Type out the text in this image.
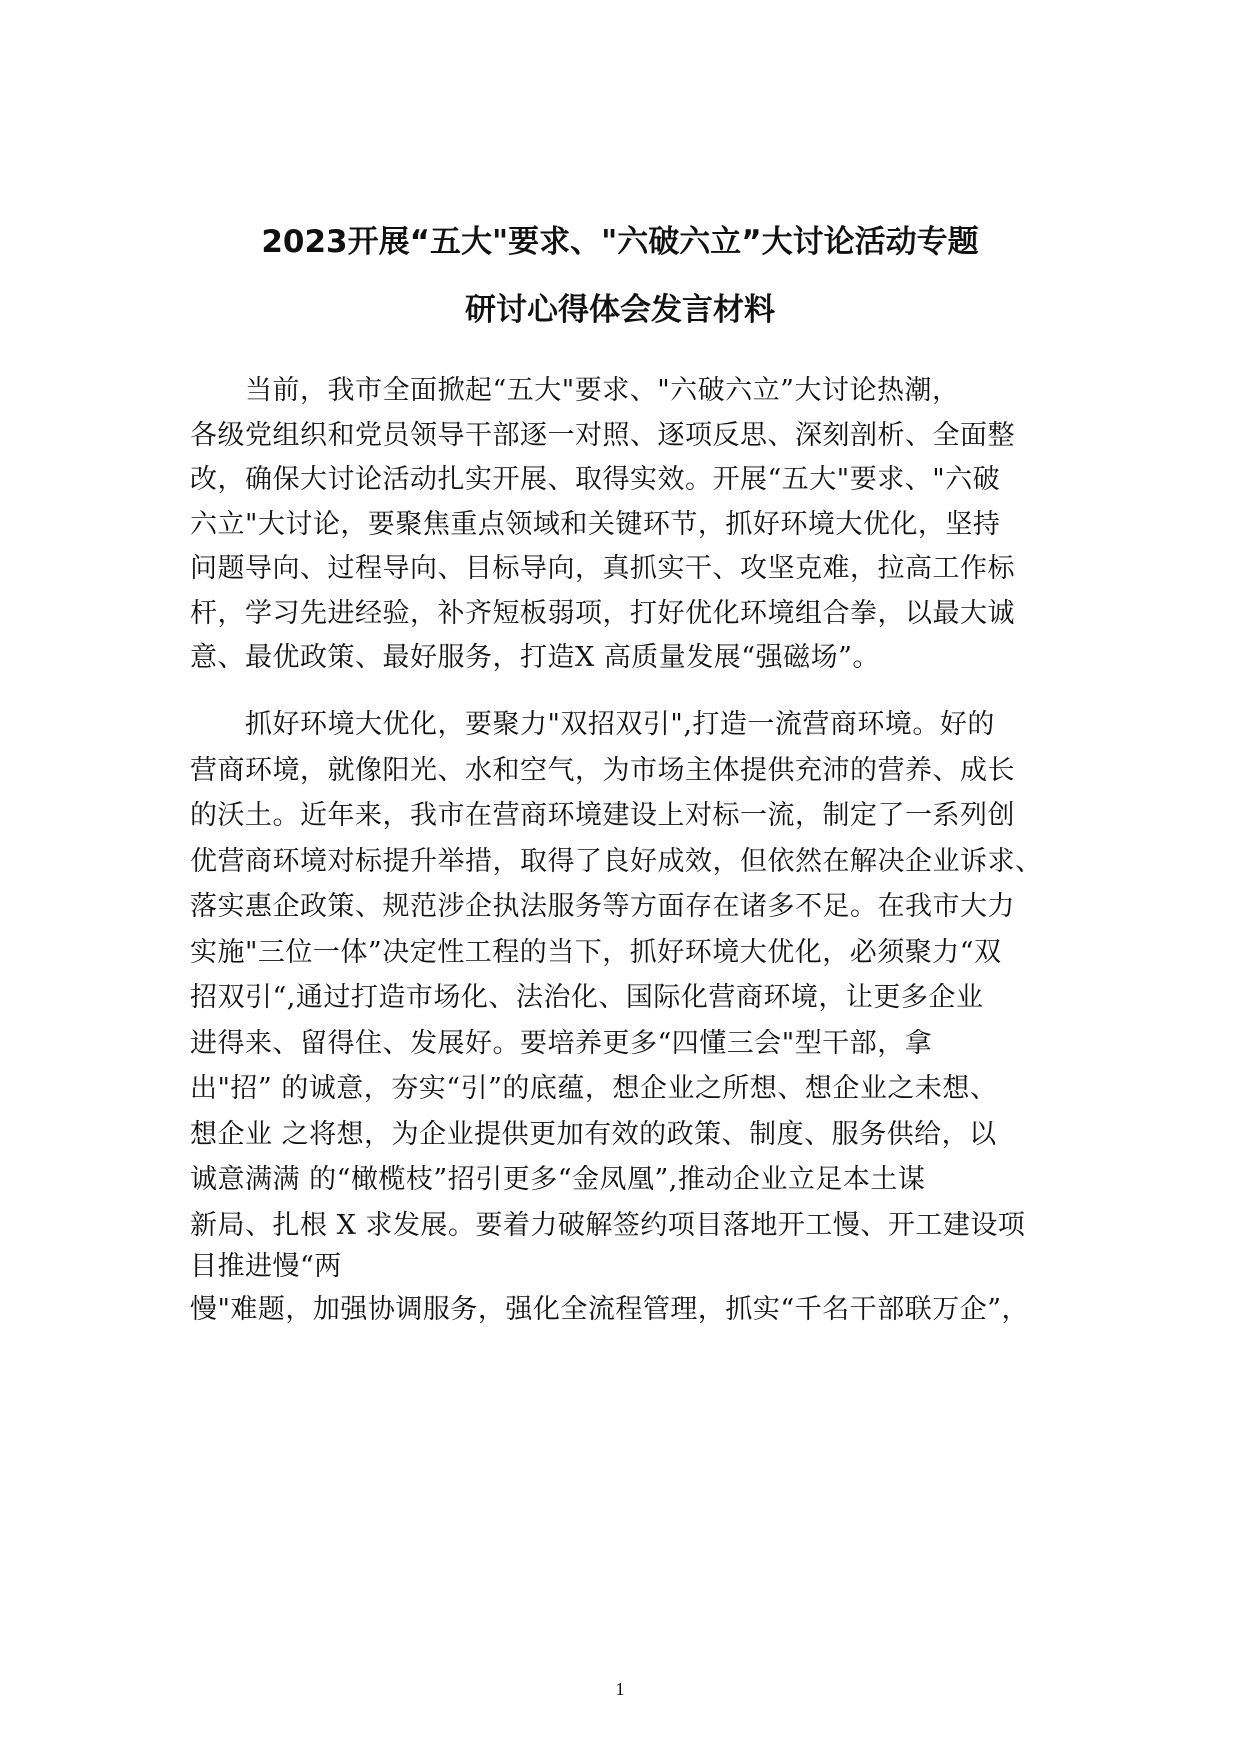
2023开展“五大"要求、"六破六立”大讨论活动专题
研讨心得体会发言材料

当前，我市全面掀起“五大"要求、"六破六立”大讨论热潮，

各级党组织和党员领导干部逐一对照、逐项反思、深刻剖析、全面整

改，确保大讨论活动扎实开展、取得实效。开展“五大"要求、"六破

六立"大讨论，要聚焦重点领域和关键环节，抓好环境大优化，坚持

问题导向、过程导向、目标导向，真抓实干、攻坚克难，拉高工作标

杆，学习先进经验，补齐短板弱项，打好优化环境组合拳，以最大诚

意、最优政策、最好服务，打造X 高质量发展“强磁场”。

抓好环境大优化，要聚力"双招双引",打造一流营商环境。好的

营商环境，就像阳光、水和空气，为市场主体提供充沛的营养、成长

的沃土。近年来，我市在营商环境建设上对标一流，制定了一系列创

优营商环境对标提升举措，取得了良好成效，但依然在解决企业诉求、

落实惠企政策、规范涉企执法服务等方面存在诸多不足。在我市大力

实施"三位一体”决定性工程的当下，抓好环境大优化，必须聚力“双

招双引“,通过打造市场化、法治化、国际化营商环境，让更多企业

进得来、留得住、发展好。要培养更多“四懂三会"型干部，拿

出"招” 的诚意，夯实“引”的底蕴，想企业之所想、想企业之未想、

想企业 之将想，为企业提供更加有效的政策、制度、服务供给，以

诚意满满 的“橄榄枝”招引更多“金凤凰”,推动企业立足本土谋

新局、扎根 X 求发展。要着力破解签约项目落地开工慢、开工建设项

目推进慢“两

慢"难题，加强协调服务，强化全流程管理，抓实“千名干部联万企”，

1
